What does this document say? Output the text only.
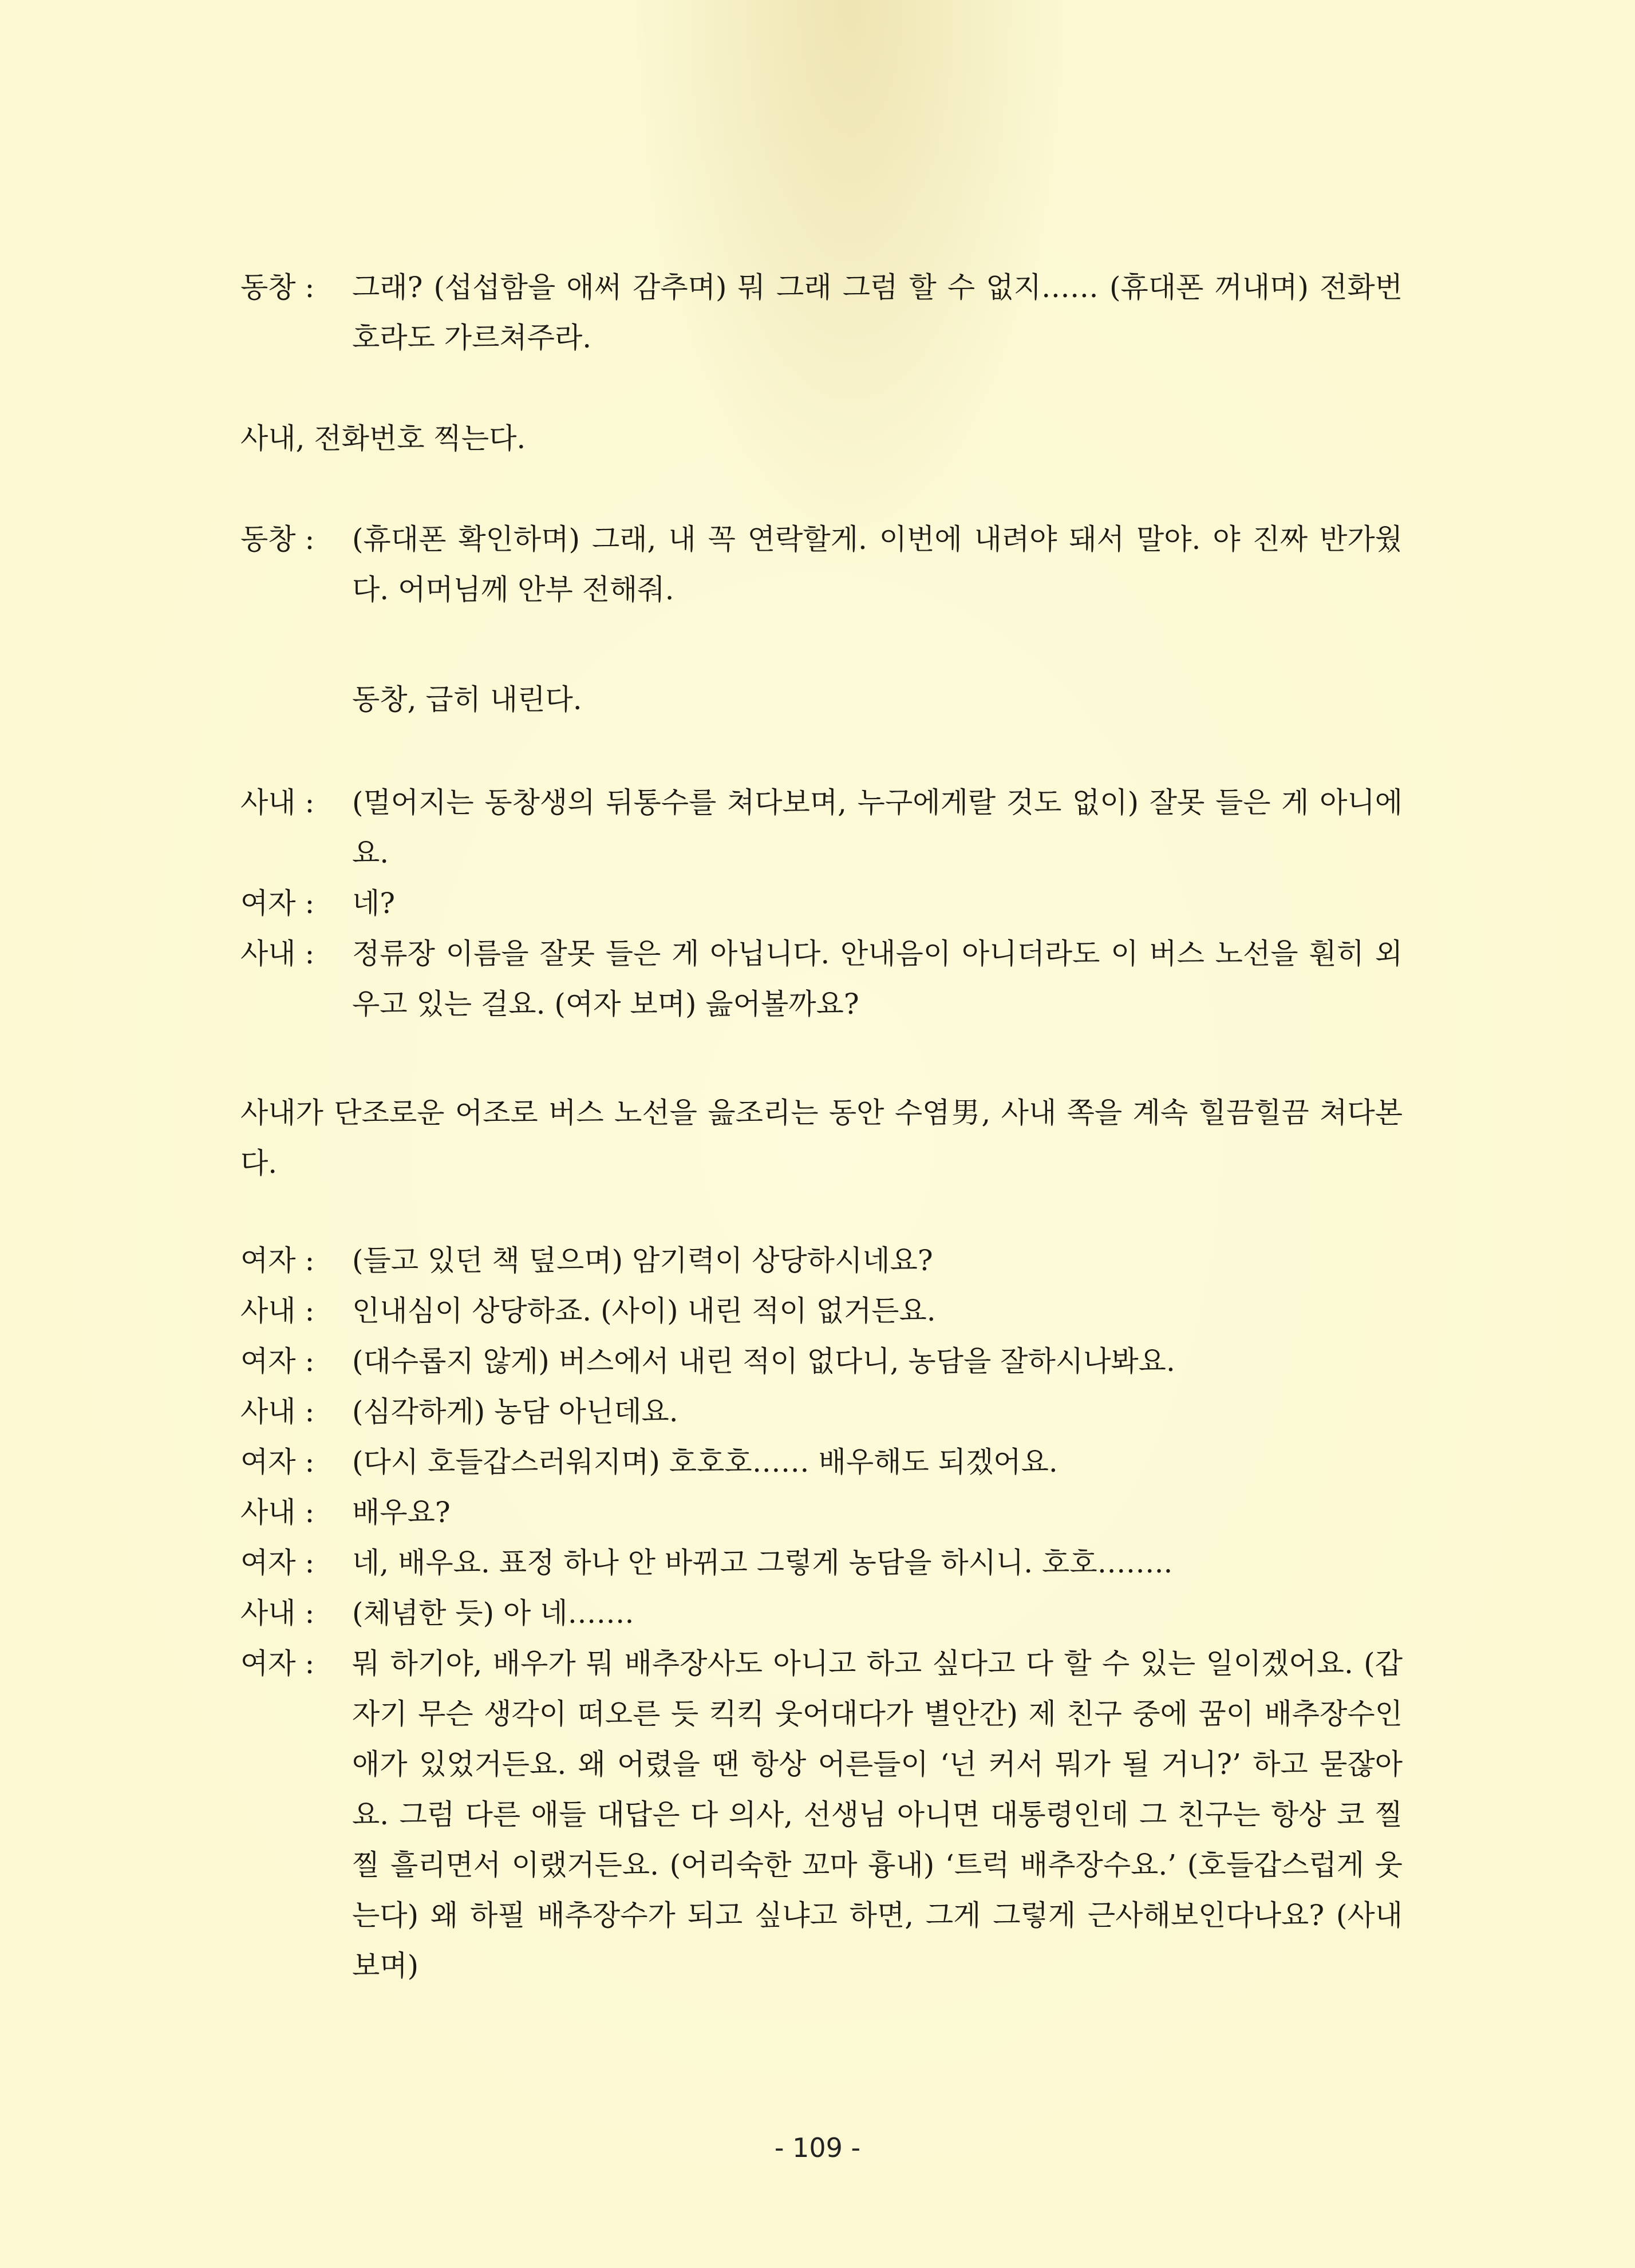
동창 :	그래? (섭섭함을 애써 감추며) 뭐 그래 그럼 할 수 없지…… (휴대폰 꺼내며) 전화번호라도 가르쳐주라.
사내, 전화번호 찍는다.
동창 :	(휴대폰 확인하며) 그래, 내 꼭 연락할게. 이번에 내려야 돼서 말야. 야 진짜 반가웠다. 어머님께 안부 전해줘.
동창, 급히 내린다.
사내 :	(멀어지는 동창생의 뒤통수를 쳐다보며, 누구에게랄 것도 없이) 잘못 들은 게 아니에요.
여자 :	네?
사내 :	정류장 이름을 잘못 들은 게 아닙니다. 안내음이 아니더라도 이 버스 노선을 훤히 외우고 있는 걸요. (여자 보며) 읊어볼까요?
사내가 단조로운 어조로 버스 노선을 읊조리는 동안 수염男, 사내 쪽을 계속 힐끔힐끔 쳐다본다.
여자 :	(들고 있던 책 덮으며) 암기력이 상당하시네요?
사내 :	인내심이 상당하죠. (사이) 내린 적이 없거든요.
여자 :	(대수롭지 않게) 버스에서 내린 적이 없다니, 농담을 잘하시나봐요.
사내 :	(심각하게) 농담 아닌데요.
여자 :	(다시 호들갑스러워지며) 호호호…… 배우해도 되겠어요.
사내 :	배우요?
여자 :	네, 배우요. 표정 하나 안 바뀌고 그렇게 농담을 하시니. 호호……..
사내 :	(체념한 듯) 아 네…….
여자 :	뭐 하기야, 배우가 뭐 배추장사도 아니고 하고 싶다고 다 할 수 있는 일이겠어요. (갑자기 무슨 생각이 떠오른 듯 킥킥 웃어대다가 별안간) 제 친구 중에 꿈이 배추장수인 애가 있었거든요. 왜 어렸을 땐 항상 어른들이 ‘넌 커서 뭐가 될 거니?’ 하고 묻잖아요. 그럼 다른 애들 대답은 다 의사, 선생님 아니면 대통령인데 그 친구는 항상 코 찔찔 흘리면서 이랬거든요. (어리숙한 꼬마 흉내) ‘트럭 배추장수요.’ (호들갑스럽게 웃는다) 왜 하필 배추장수가 되고 싶냐고 하면, 그게 그렇게 근사해보인다나요? (사내 보며)
- 109 -
